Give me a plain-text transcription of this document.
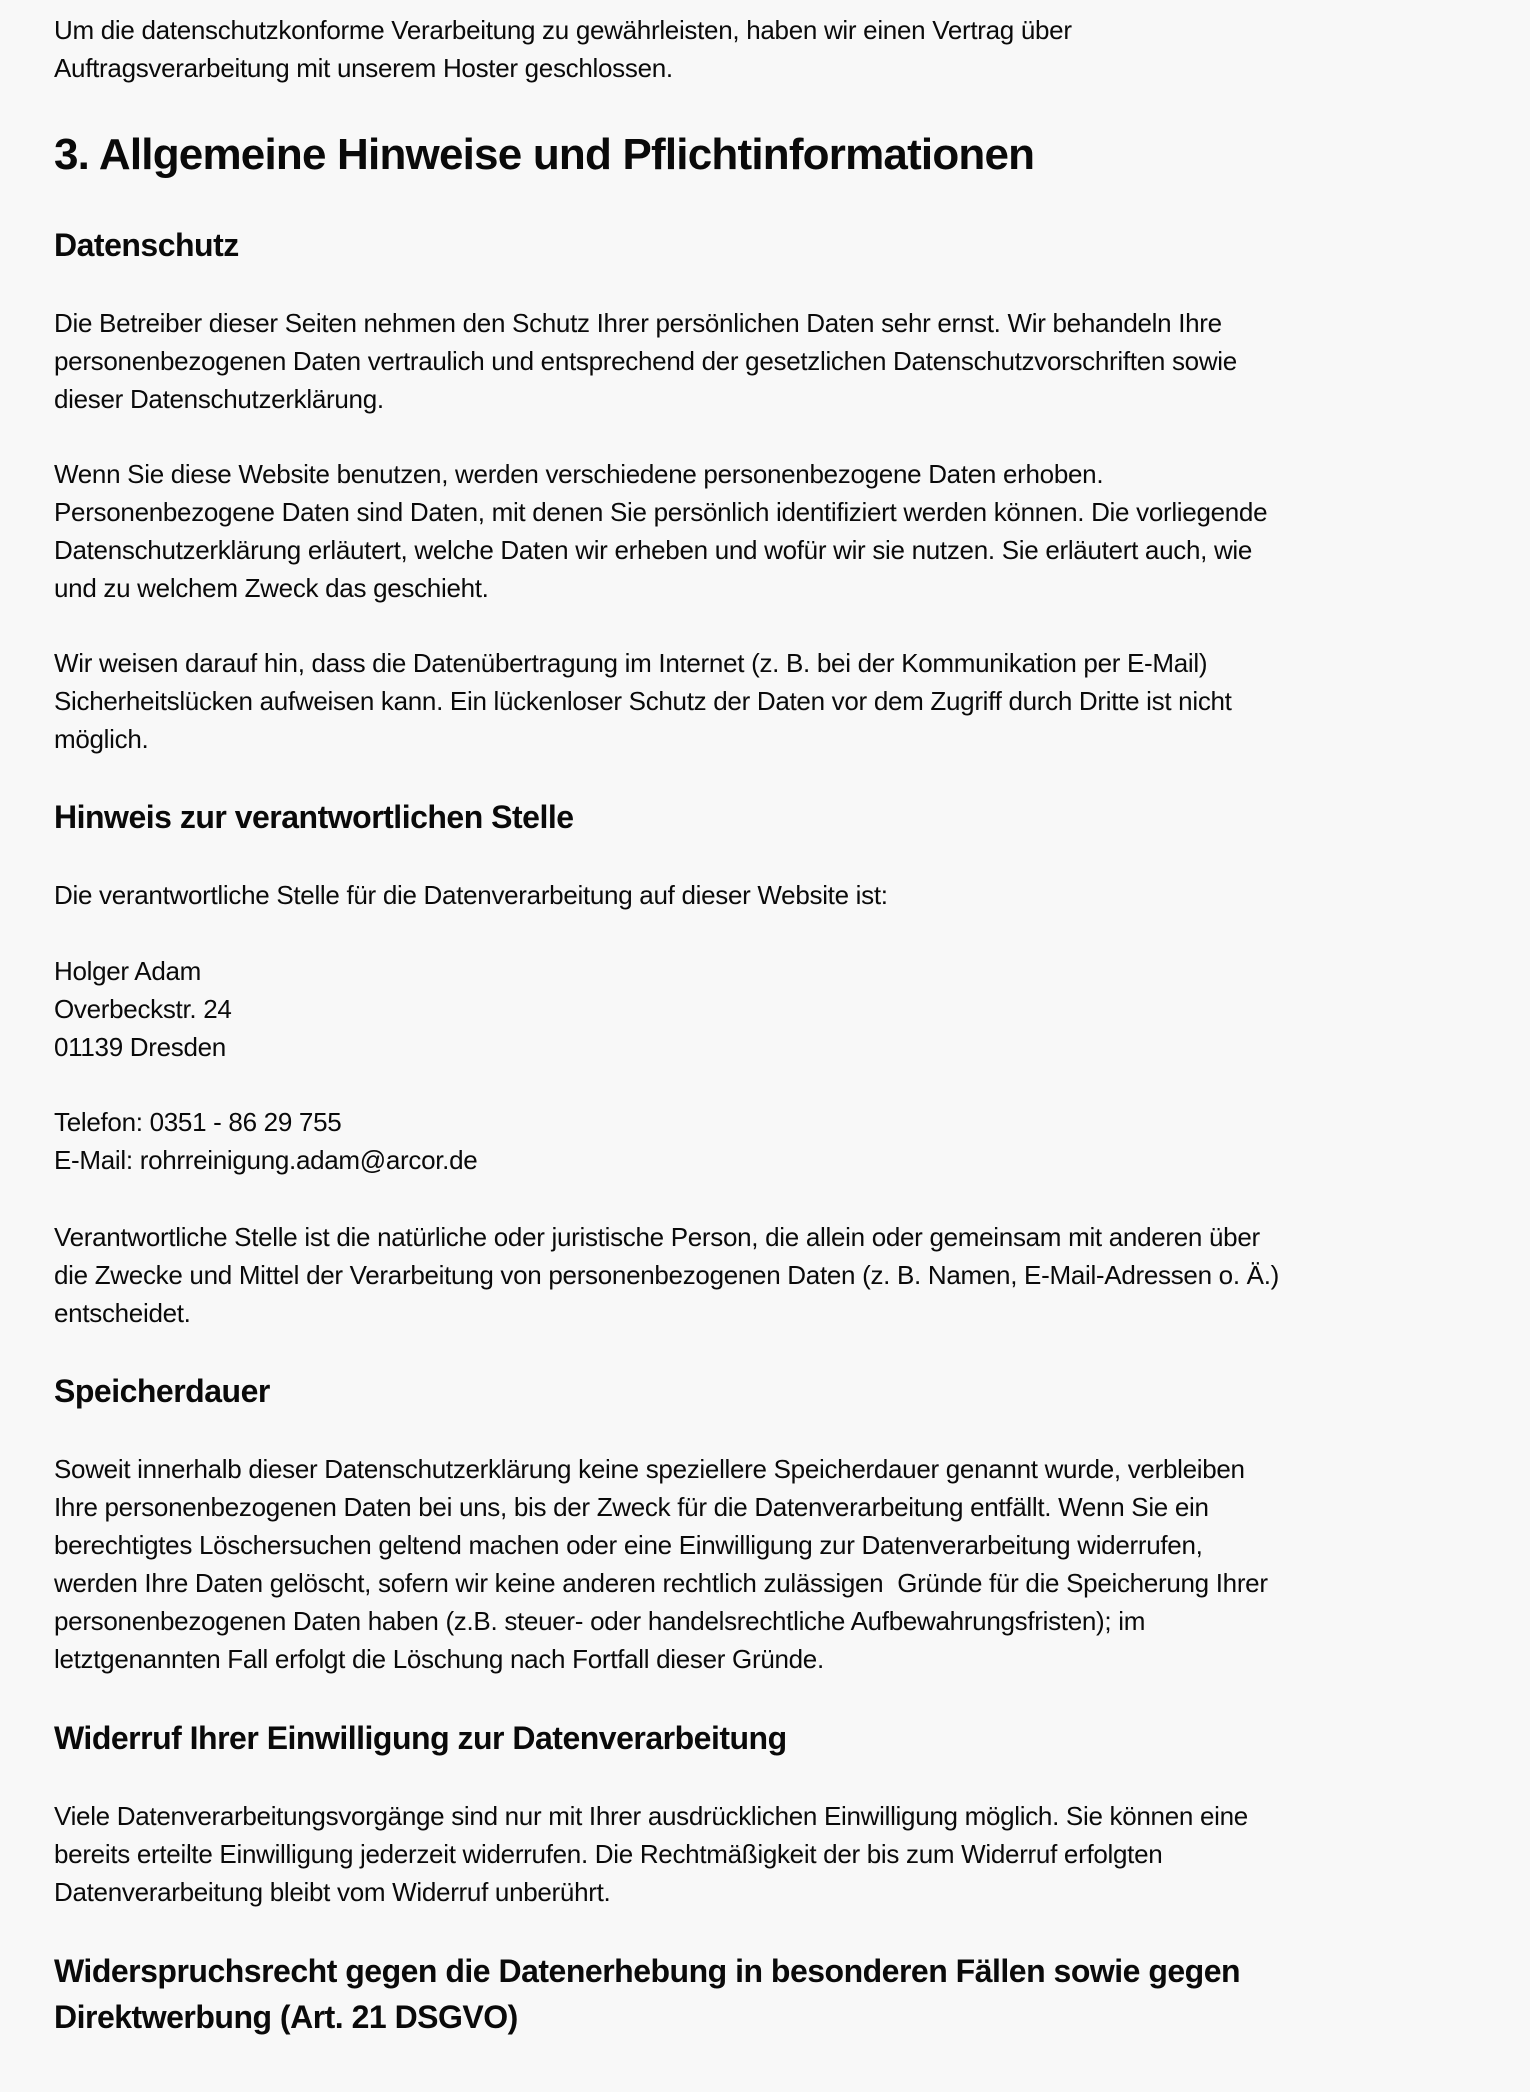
Um die datenschutzkonforme Verarbeitung zu gewährleisten, haben wir einen Vertrag über
Auftragsverarbeitung mit unserem Hoster geschlossen.

3. Allgemeine Hinweise und Pflichtinformationen
Datenschutz

Die Betreiber dieser Seiten nehmen den Schutz Ihrer persönlichen Daten sehr ernst. Wir behandeln Ihre
personenbezogenen Daten vertraulich und entsprechend der gesetzlichen Datenschutzvorschriften sowie
dieser Datenschutzerklärung.

Wenn Sie diese Website benutzen, werden verschiedene personenbezogene Daten erhoben.
Personenbezogene Daten sind Daten, mit denen Sie persönlich identifiziert werden können. Die vorliegende
Datenschutzerklärung erläutert, welche Daten wir erheben und wofür wir sie nutzen. Sie erläutert auch, wie
und zu welchem Zweck das geschieht.

Wir weisen darauf hin, dass die Datenübertragung im Internet (z. B. bei der Kommunikation per E-Mail)
Sicherheitslücken aufweisen kann. Ein lückenloser Schutz der Daten vor dem Zugriff durch Dritte ist nicht
möglich.

Hinweis zur verantwortlichen Stelle

Die verantwortliche Stelle für die Datenverarbeitung auf dieser Website ist:

Holger Adam
Overbeckstr. 24
01139 Dresden

Telefon: 0351 - 86 29 755
E-Mail: rohrreinigung.adam@arcor.de

Verantwortliche Stelle ist die natürliche oder juristische Person, die allein oder gemeinsam mit anderen über
die Zwecke und Mittel der Verarbeitung von personenbezogenen Daten (z. B. Namen, E-Mail-Adressen o. Ä.)
entscheidet.

Speicherdauer

Soweit innerhalb dieser Datenschutzerklärung keine speziellere Speicherdauer genannt wurde, verbleiben
Ihre personenbezogenen Daten bei uns, bis der Zweck für die Datenverarbeitung entfällt. Wenn Sie ein
berechtigtes Löschersuchen geltend machen oder eine Einwilligung zur Datenverarbeitung widerrufen,
werden Ihre Daten gelöscht, sofern wir keine anderen rechtlich zulässigen  Gründe für die Speicherung Ihrer
personenbezogenen Daten haben (z.B. steuer- oder handelsrechtliche Aufbewahrungsfristen); im
letztgenannten Fall erfolgt die Löschung nach Fortfall dieser Gründe.

Widerruf Ihrer Einwilligung zur Datenverarbeitung

Viele Datenverarbeitungsvorgänge sind nur mit Ihrer ausdrücklichen Einwilligung möglich. Sie können eine
bereits erteilte Einwilligung jederzeit widerrufen. Die Rechtmäßigkeit der bis zum Widerruf erfolgten
Datenverarbeitung bleibt vom Widerruf unberührt.

Widerspruchsrecht gegen die Datenerhebung in besonderen Fällen sowie gegen
Direktwerbung (Art. 21 DSGVO)
